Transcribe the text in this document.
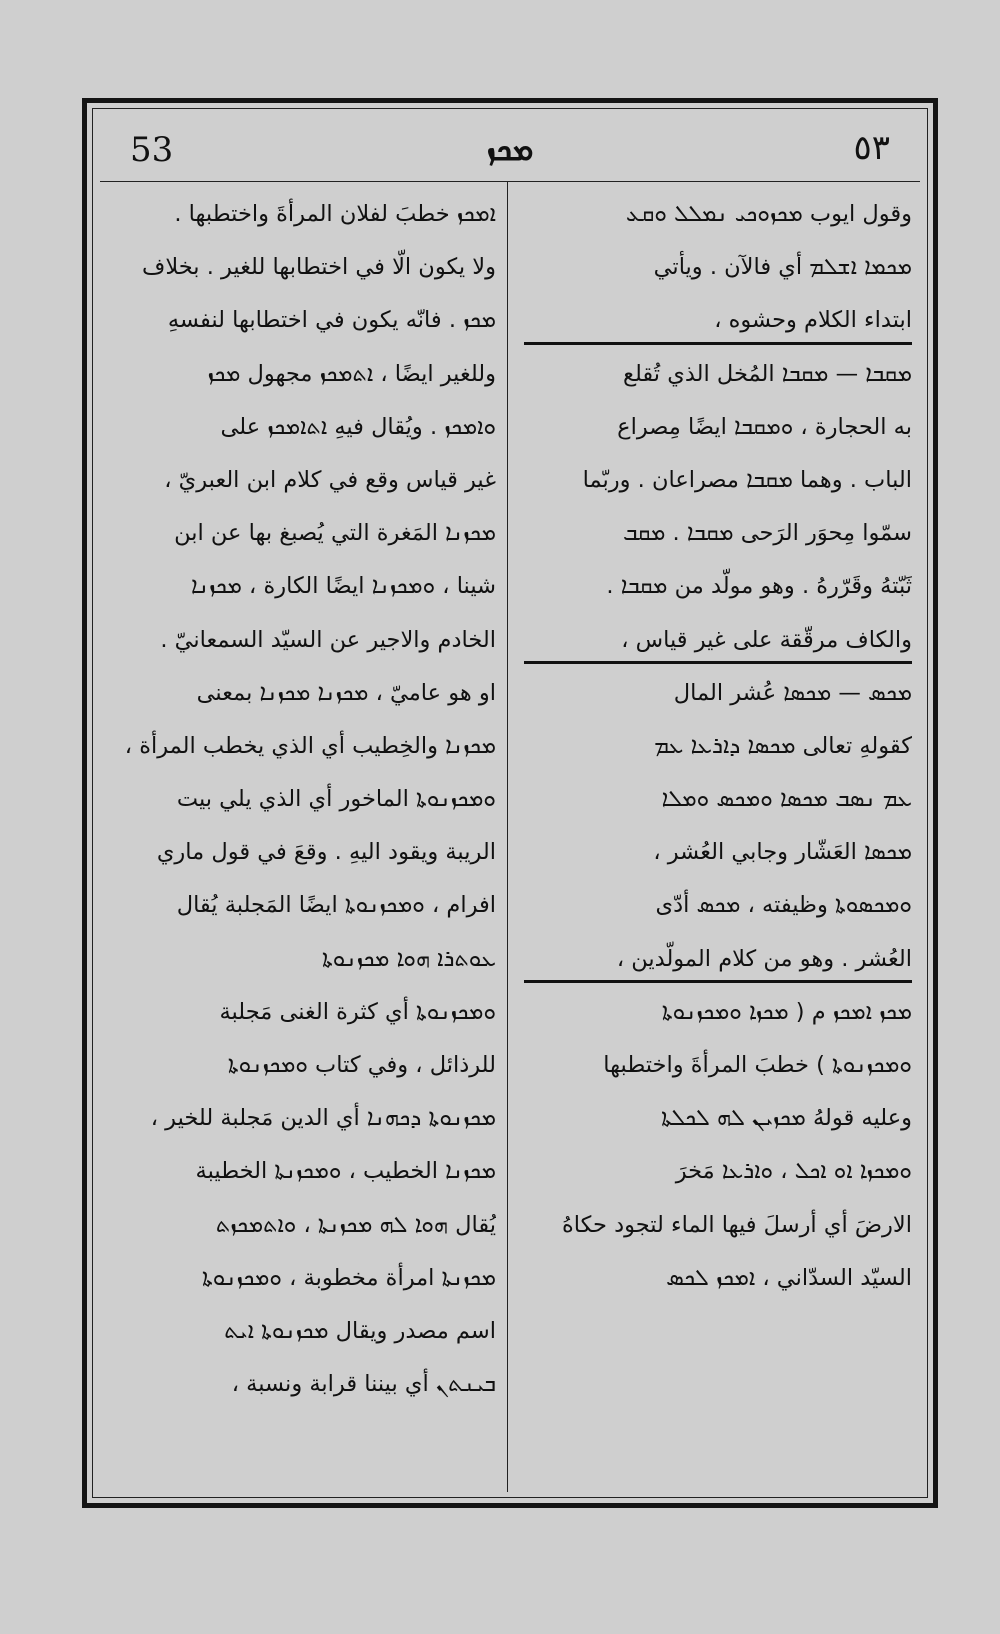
53	ܡܟܙ	٥٣
وقول ايوب ܡܟܙܘܟܝ ܢܡܠܠ ܘܩܥ
ܡܟܡܐ ܐܫܠܡ أي فالآن . ويأتي
ابتداء الكلام وحشوه ،
ܡܩܒܐ — ܡܩܒܐ المُخل الذي تُقلع
به الحجارة ، ܘܡܩܒܐ ايضًا مِصراع
الباب . وهما ܡܩܒܐ مصراعان . وربّما
سمّوا مِحوَر الرَحى ܡܩܒܐ . ܡܩܒ
ثَبّتهُ وقَرّرهُ . وهو مولّد من ܡܩܒܐ .
والكاف مرقّقة على غير قياس ،
ܡܟܣ — ܡܟܣܐ عُشر المال
كقولهِ تعالى ܡܟܣܐ ܕܐܪܥܐ ܥܡ
ܥܡ ܢܣܒ ܡܟܣܐ ܘܡܟܣ ܘܡܠܐ
ܡܟܣܐ العَشّار وجابي العُشر ،
ܘܡܟܣܘܬܐ وظيفته ، ܡܟܣ أدّى
العُشر . وهو من كلام المولّدين ،
ܡܟܙ ܐܡܟܙ م ( ܡܟܙܐ ܘܡܟܙܢܘܬܐ
ܘܡܟܙܢܘܬܐ ) خطبَ المرأةَ واختطبها
وعليه قولهُ ܡܟܙܝܢ ܠܗ ܠܟܠܬܐ
ܘܡܟܙܐ ܐܘ ܐܟܠ ، ܘܐܪܥܐ مَخرَ
الارضَ أي أرسلَ فيها الماء لتجود حكاهُ
السيّد السدّاني ، ܐܡܟܙ ܠܟܣ
ܐܡܟܙ خطبَ لفلان المرأةَ واختطبها .
ولا يكون الّا في اختطابها للغير . بخلاف
ܡܟܙ . فانّه يكون في اختطابها لنفسهِ
وللغير ايضًا ، ܐܬܡܟܙ مجهول ܡܟܙ
ܘܐܡܟܙ . ويُقال فيهِ ܐܬܐܡܟܙ على
غير قياس وقع في كلام ابن العبريّ ،
ܡܟܙܢܐ المَغرة التي يُصبغ بها عن ابن
شينا ، ܘܡܟܙܢܐ ايضًا الكارة ، ܡܟܙܢܐ
الخادم والاجير عن السيّد السمعانيّ .
او هو عاميّ ، ܡܟܙܢܐ ܡܟܙܢܐ بمعنى
ܡܟܙܢܐ والخِطيب أي الذي يخطب المرأة ،
ܘܡܟܙܢܘܬܐ الماخور أي الذي يلي بيت
الريبة ويقود اليهِ . وقعَ في قول ماري
افرام ، ܘܡܟܙܢܘܬܐ ايضًا المَجلبة يُقال
ܥܘܬܪܐ ܗܘܐ ܡܟܙܢܘܬܐ
ܘܡܟܙܢܘܬܐ أي كثرة الغنى مَجلبة
للرذائل ، وفي كتاب ܘܡܟܙܢܘܬܐ
ܡܟܙܢܘܬܐ ܕܟܗܢܐ أي الدين مَجلبة للخير ،
ܡܟܙܢܐ الخطيب ، ܘܡܟܙܢܬܐ الخطيبة
يُقال ܗܘܐ ܠܗ ܡܟܙܢܬܐ ، ܘܐܬܡܟܙܬ
ܡܟܙܢܬܐ امرأة مخطوبة ، ܘܡܟܙܢܘܬܐ
اسم مصدر ويقال ܡܟܙܢܘܬܐ ܐܝܬ
ܒܝܢܬܢ أي بيننا قرابة ونسبة ،
